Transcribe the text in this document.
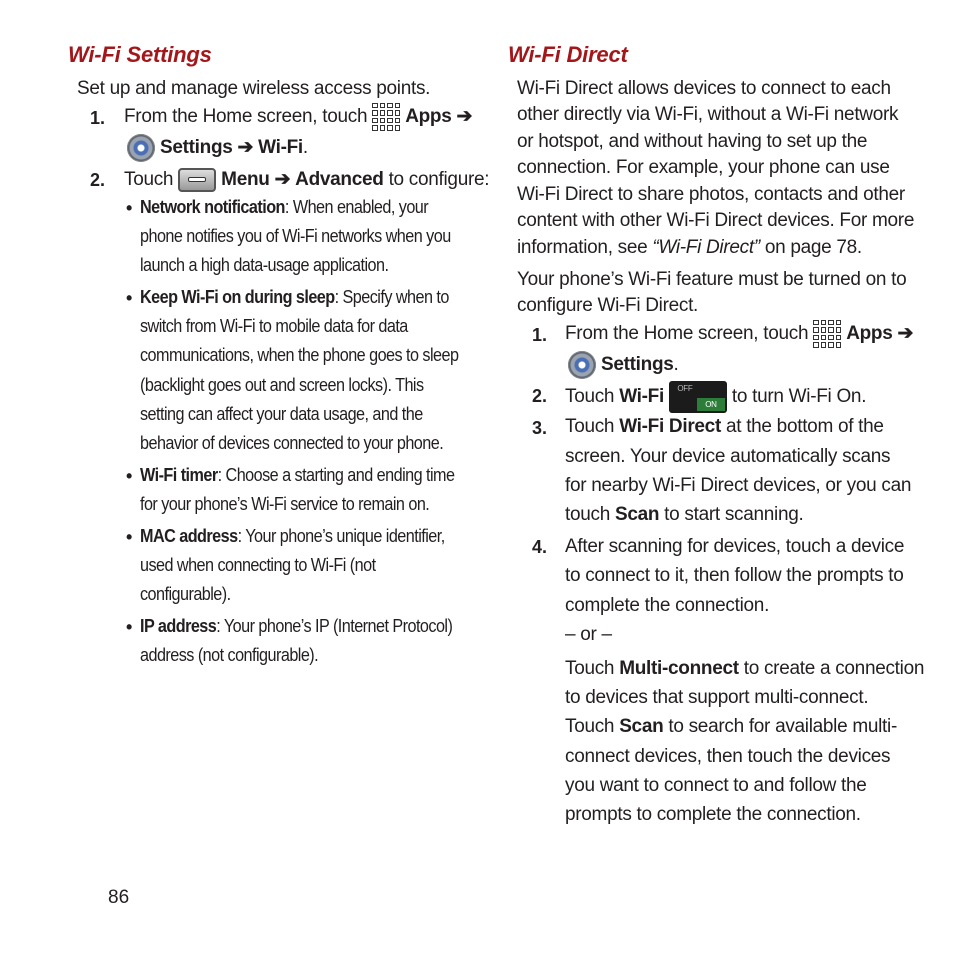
Wi-Fi Settings
Set up and manage wireless access points.
1. From the Home screen, touch Apps ➔
Settings ➔ Wi-Fi.
2. Touch	Menu ➔ Advanced to configure:
• Network notification: When enabled, your
phone notifies you of Wi-Fi networks when you
launch a high data-usage application.
• Keep Wi-Fi on during sleep: Specify when to
switch from Wi-Fi to mobile data for data
communications, when the phone goes to sleep
(backlight goes out and screen locks). This
setting can affect your data usage, and the
behavior of devices connected to your phone.
• Wi-Fi timer: Choose a starting and ending time
for your phone’s Wi-Fi service to remain on.
• MAC address: Your phone’s unique identifier,
used when connecting to Wi-Fi (not
configurable).
• IP address: Your phone’s IP (Internet Protocol)
address (not configurable).
86
Wi-Fi Direct
Wi-Fi Direct allows devices to connect to each
other directly via Wi-Fi, without a Wi-Fi network
or hotspot, and without having to set up the
connection. For example, your phone can use
Wi-Fi Direct to share photos, contacts and other
content with other Wi-Fi Direct devices. For more
information, see “Wi-Fi Direct” on page 78.
Your phone’s Wi-Fi feature must be turned on to
configure Wi-Fi Direct.
1. From the Home screen, touch Apps ➔
Settings.
2. Touch Wi-Fi	OFF
ON to turn Wi-Fi On.
3. Touch Wi-Fi Direct at the bottom of the
screen. Your device automatically scans
for nearby Wi-Fi Direct devices, or you can
touch Scan to start scanning.
4. After scanning for devices, touch a device
to connect to it, then follow the prompts to
complete the connection.
– or –
Touch Multi-connect to create a connection
to devices that support multi-connect.
Touch Scan to search for available multi-
connect devices, then touch the devices
you want to connect to and follow the
prompts to complete the connection.
